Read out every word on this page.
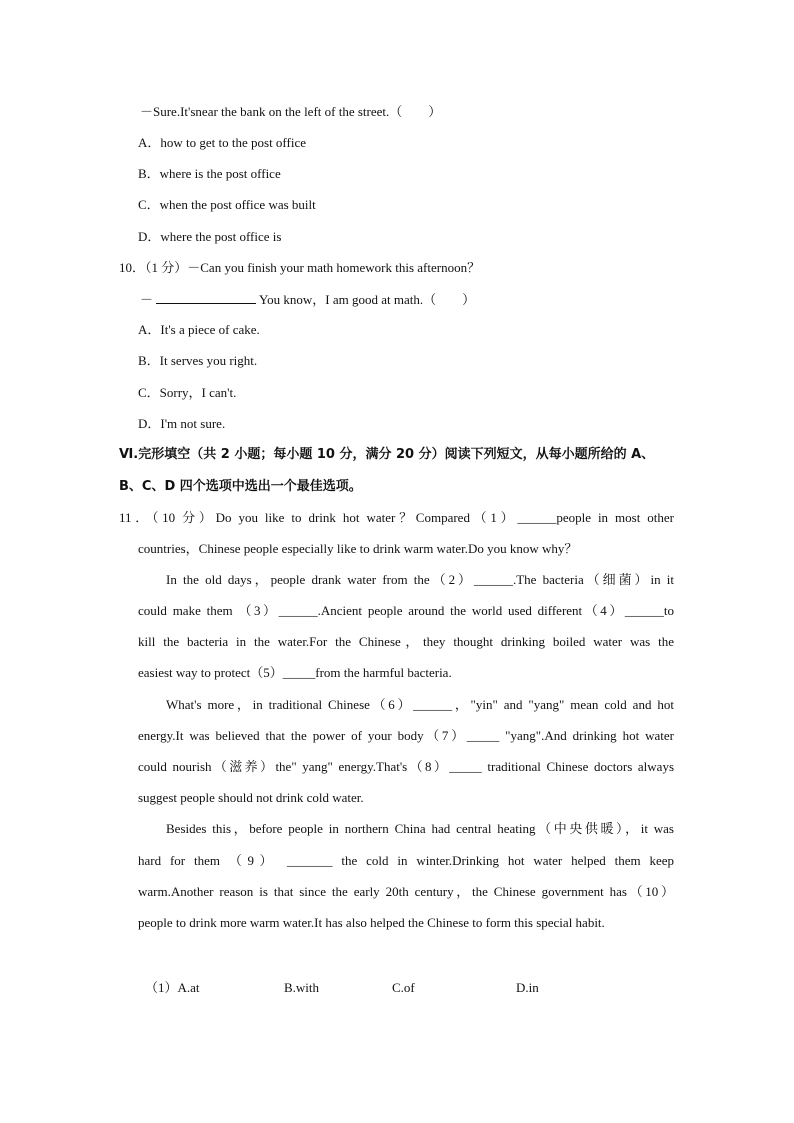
－Sure.It'snear the bank on the left of the street.（　　）
A．how to get to the post office
B．where is the post office
C．when the post office was built
D．where the post office is
10．（1 分）－Can you finish your math homework this afternoon？
－	You know，I am good at math.（　　）
A．It's a piece of cake.
B．It serves you right.
C．Sorry，I can't.
D．I'm not sure.
Ⅵ.完形填空（共 2 小题；每小题 10 分，满分 20 分）阅读下列短文，从每小题所给的 A、
B、C、D 四个选项中选出一个最佳选项。
11．（10 分）Do you like to drink hot water？Compared（1）______people in most other
countries，Chinese people especially like to drink warm water.Do you know why？
In the old days，people drank water from the（2）______.The bacteria（细菌）in it
could make them （3）______.Ancient people around the world used different（4）______to
kill the bacteria in the water.For the Chinese，they thought drinking boiled water was the
easiest way to protect（5）_____from the harmful bacteria.
What's more，in traditional Chinese（6）______，"yin" and "yang" mean cold and hot
energy.It was believed that the power of your body（7）_____ "yang".And drinking hot water
could nourish（滋养）the" yang" energy.That's（8）_____ traditional Chinese doctors always
suggest people should not drink cold water.
Besides this，before people in northern China had central heating（中央供暖），it was
hard for them （9） _______ the cold in winter.Drinking hot water helped them keep
warm.Another reason is that since the early 20th century，the Chinese government has（10）
people to drink more warm water.It has also helped the Chinese to form this special habit.
（1）A.at	B.with	C.of	D.in
